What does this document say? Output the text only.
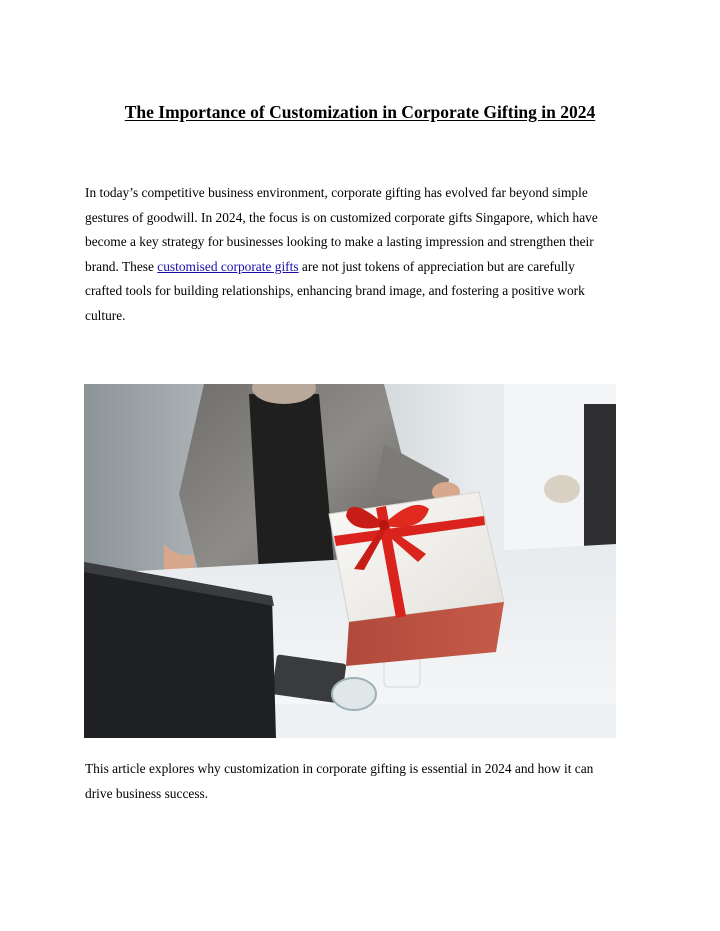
The Importance of Customization in Corporate Gifting in 2024

In today’s competitive business environment, corporate gifting has evolved far beyond simple
gestures of goodwill. In 2024, the focus is on customized corporate gifts Singapore, which have
become a key strategy for businesses looking to make a lasting impression and strengthen their
brand. These customised corporate gifts are not just tokens of appreciation but are carefully
crafted tools for building relationships, enhancing brand image, and fostering a positive work
culture.

This article explores why customization in corporate gifting is essential in 2024 and how it can
drive business success.
